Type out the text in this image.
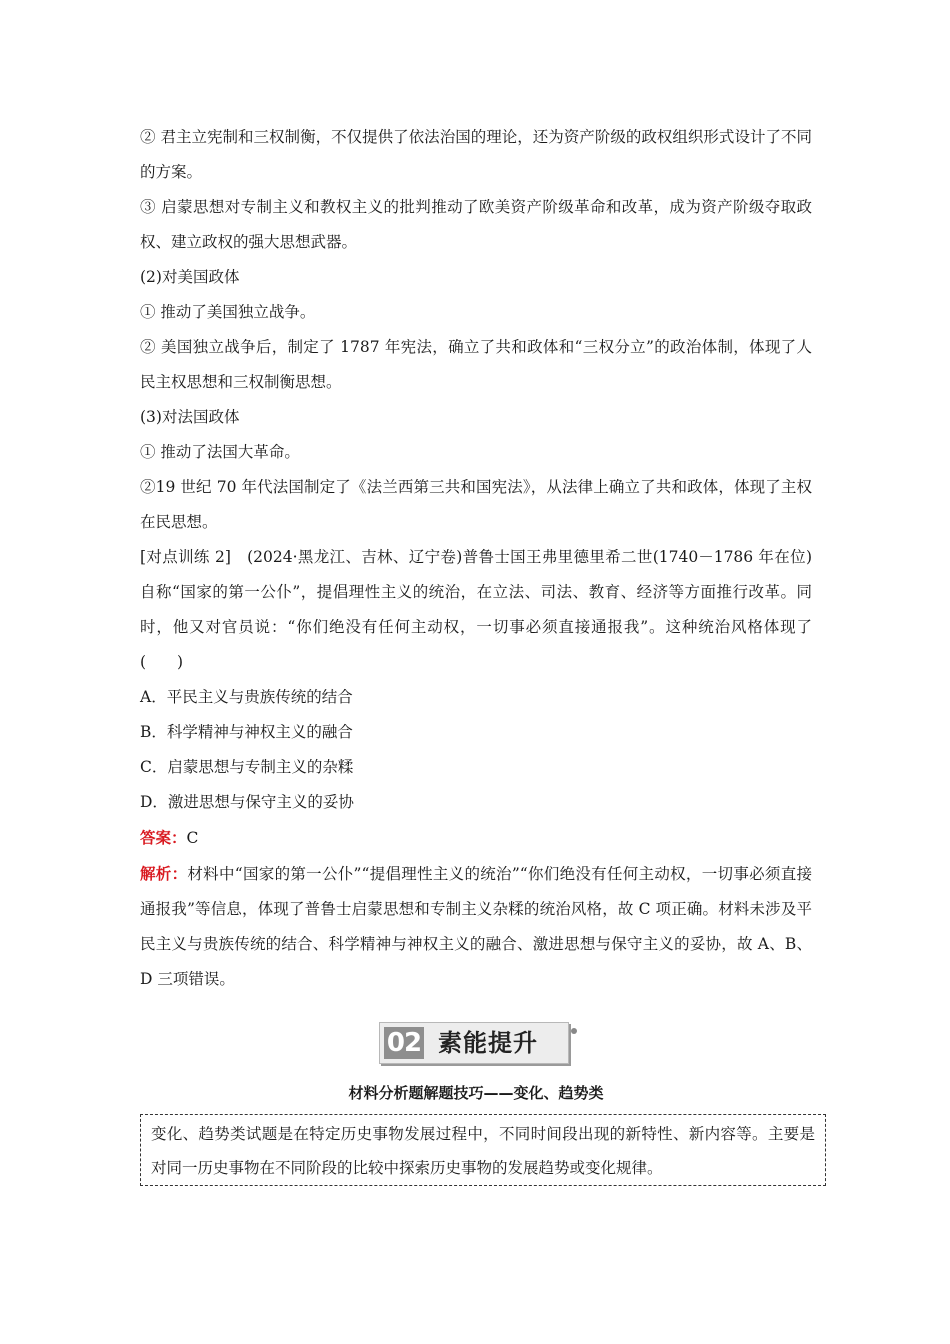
② 君主立宪制和三权制衡，不仅提供了依法治国的理论，还为资产阶级的政权组织形式设计了不同的方案。

③ 启蒙思想对专制主义和教权主义的批判推动了欧美资产阶级革命和改革，成为资产阶级夺取政权、建立政权的强大思想武器。

(2)对美国政体

① 推动了美国独立战争。

② 美国独立战争后，制定了 1787 年宪法，确立了共和政体和“三权分立”的政治体制，体现了人民主权思想和三权制衡思想。

(3)对法国政体

① 推动了法国大革命。

②19 世纪 70 年代法国制定了《法兰西第三共和国宪法》，从法律上确立了共和政体，体现了主权在民思想。

[对点训练 2]　(2024·黑龙江、吉林、辽宁卷)普鲁士国王弗里德里希二世(1740－1786 年在位)自称“国家的第一公仆”，提倡理性主义的统治，在立法、司法、教育、经济等方面推行改革。同时，他又对官员说：“你们绝没有任何主动权，一切事必须直接通报我”。这种统治风格体现了(　　)

A．平民主义与贵族传统的结合

B．科学精神与神权主义的融合

C．启蒙思想与专制主义的杂糅

D．激进思想与保守主义的妥协

答案：C

解析：材料中“国家的第一公仆”“提倡理性主义的统治”“你们绝没有任何主动权，一切事必须直接通报我”等信息，体现了普鲁士启蒙思想和专制主义杂糅的统治风格，故 C 项正确。材料未涉及平民主义与贵族传统的结合、科学精神与神权主义的融合、激进思想与保守主义的妥协，故 A、B、D 三项错误。

02 素能提升
材料分析题解题技巧——变化、趋势类

变化、趋势类试题是在特定历史事物发展过程中，不同时间段出现的新特性、新内容等。主要是对同一历史事物在不同阶段的比较中探索历史事物的发展趋势或变化规律。
